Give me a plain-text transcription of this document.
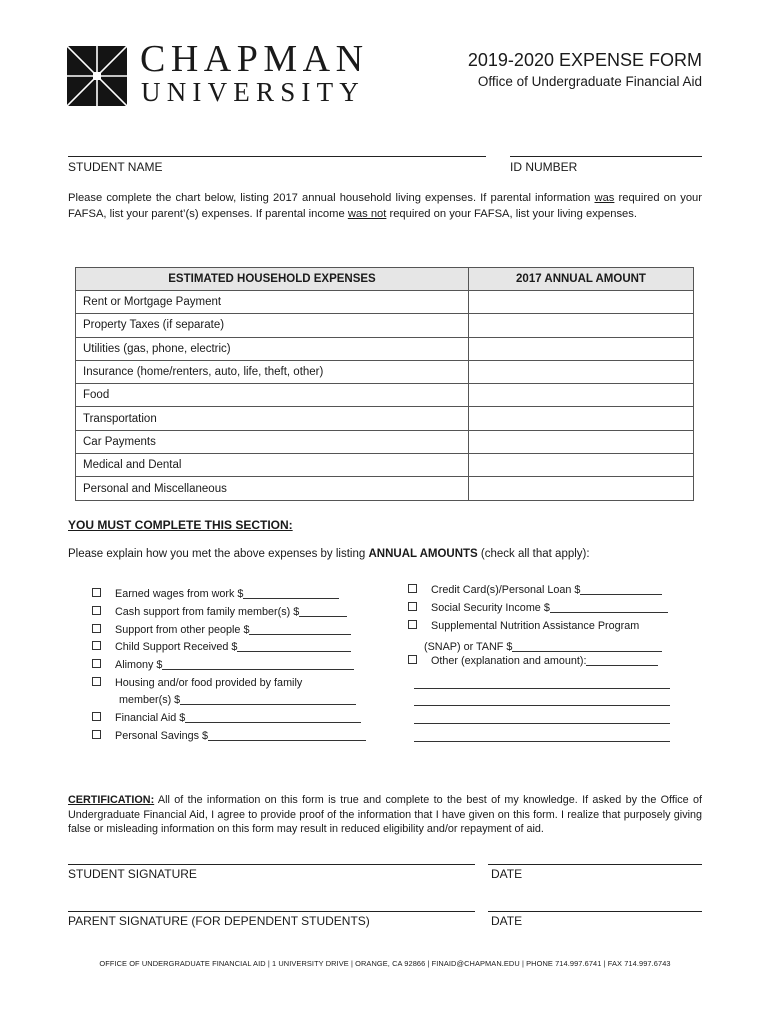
CHAPMAN
UNIVERSITY
2019-2020 EXPENSE FORM
Office of Undergraduate Financial Aid
STUDENT NAME	ID NUMBER
Please complete the chart below, listing 2017 annual household living expenses. If parental information was required on your FAFSA, list your parent’(s) expenses. If parental income was not required on your FAFSA, list your living expenses.
ESTIMATED HOUSEHOLD EXPENSES	2017 ANNUAL AMOUNT
Rent or Mortgage Payment	
Property Taxes (if separate)	
Utilities (gas, phone, electric)	
Insurance (home/renters, auto, life, theft, other)	
Food	
Transportation	
Car Payments	
Medical and Dental	
Personal and Miscellaneous	
YOU MUST COMPLETE THIS SECTION:
Please explain how you met the above expenses by listing ANNUAL AMOUNTS (check all that apply):
Earned wages from work $
Cash support from family member(s) $
Support from other people $
Child Support Received $
Alimony $
Housing and/or food provided by family
member(s) $
Financial Aid $
Personal Savings $
Credit Card(s)/Personal Loan $
Social Security Income $
Supplemental Nutrition Assistance Program
(SNAP) or TANF $
Other (explanation and amount):
CERTIFICATION: All of the information on this form is true and complete to the best of my knowledge. If asked by the Office of Undergraduate Financial Aid, I agree to provide proof of the information that I have given on this form. I realize that purposely giving false or misleading information on this form may result in reduced eligibility and/or repayment of aid.
STUDENT SIGNATURE	DATE
PARENT SIGNATURE (FOR DEPENDENT STUDENTS)	DATE
OFFICE OF UNDERGRADUATE FINANCIAL AID | 1 UNIVERSITY DRIVE | ORANGE, CA 92866 | FINAID@CHAPMAN.EDU | PHONE 714.997.6741 | FAX 714.997.6743
